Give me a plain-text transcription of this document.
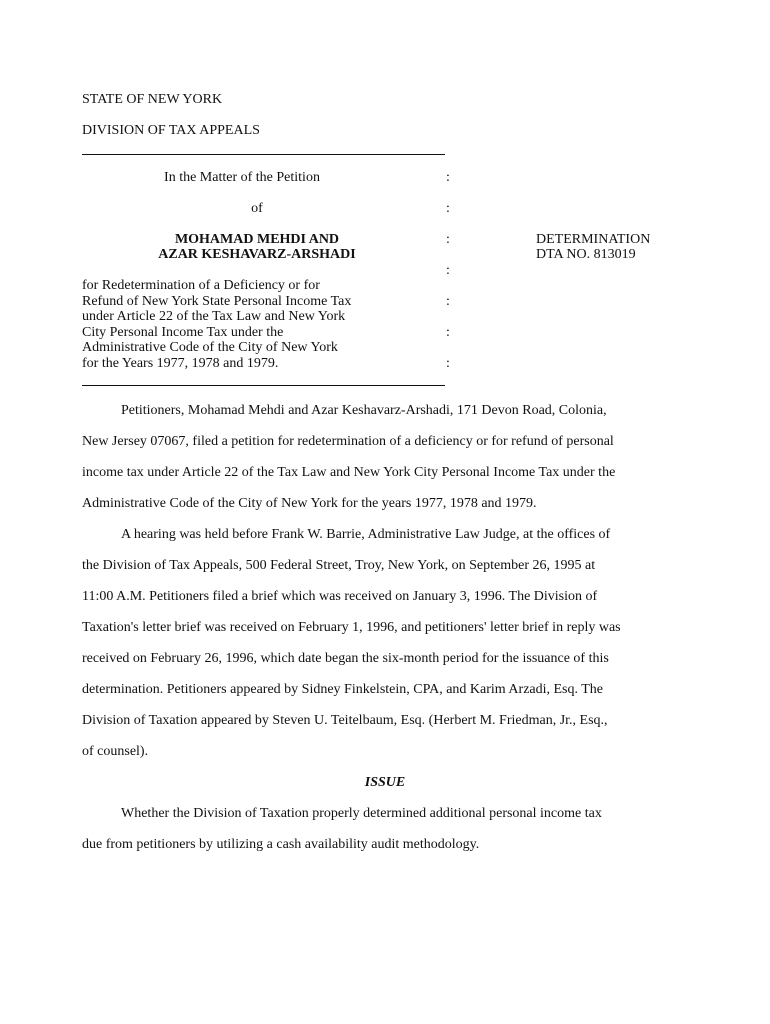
STATE OF NEW YORK
DIVISION OF TAX APPEALS
In the Matter of the Petition
of
MOHAMAD MEHDI AND
AZAR KESHAVARZ-ARSHADI
for Redetermination of a Deficiency or for
Refund of New York State Personal Income Tax
under Article 22 of the Tax Law and New York
City Personal Income Tax under the
Administrative Code of the City of New York
for the Years 1977, 1978 and 1979.
:
:
:
:
:
:
:
DETERMINATION
DTA NO. 813019
Petitioners, Mohamad Mehdi and Azar Keshavarz-Arshadi, 171 Devon Road, Colonia,
New Jersey 07067, filed a petition for redetermination of a deficiency or for refund of personal
income tax under Article 22 of the Tax Law and New York City Personal Income Tax under the
Administrative Code of the City of New York for the years 1977, 1978 and 1979.
A hearing was held before Frank W. Barrie, Administrative Law Judge, at the offices of
the Division of Tax Appeals, 500 Federal Street, Troy, New York, on September 26, 1995 at
11:00 A.M. Petitioners filed a brief which was received on January 3, 1996. The Division of
Taxation's letter brief was received on February 1, 1996, and petitioners' letter brief in reply was
received on February 26, 1996, which date began the six-month period for the issuance of this
determination. Petitioners appeared by Sidney Finkelstein, CPA, and Karim Arzadi, Esq. The
Division of Taxation appeared by Steven U. Teitelbaum, Esq. (Herbert M. Friedman, Jr., Esq.,
of counsel).
ISSUE
Whether the Division of Taxation properly determined additional personal income tax
due from petitioners by utilizing a cash availability audit methodology.
